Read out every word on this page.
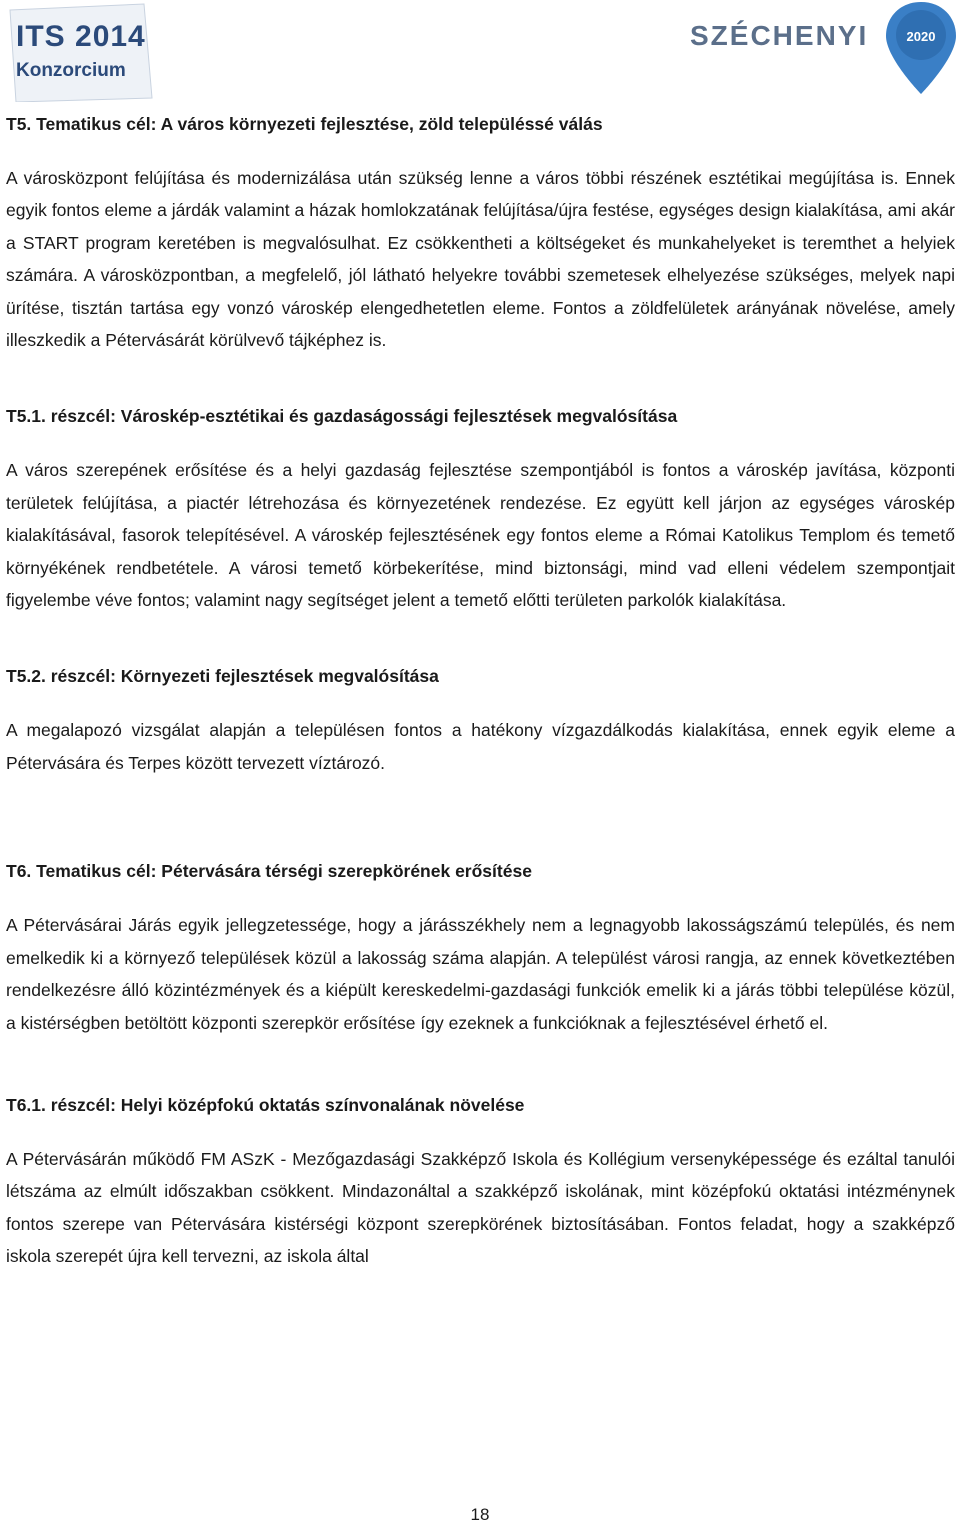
ITS 2014
Konzorcium
SZÉCHENYI	2020
T5. Tematikus cél: A város környezeti fejlesztése, zöld településsé válás

A városközpont felújítása és modernizálása után szükség lenne a város többi részének esztétikai megújítása is. Ennek egyik fontos eleme a járdák valamint a házak homlokzatának felújítása/újra festése, egységes design kialakítása, ami akár a START program keretében is megvalósulhat. Ez csökkentheti a költségeket és munkahelyeket is teremthet a helyiek számára. A városközpontban, a megfelelő, jól látható helyekre további szemetesek elhelyezése szükséges, melyek napi ürítése, tisztán tartása egy vonzó városkép elengedhetetlen eleme. Fontos a zöldfelületek arányának növelése, amely illeszkedik a Pétervásárát körülvevő tájképhez is.

T5.1. részcél: Városkép-esztétikai és gazdaságossági fejlesztések megvalósítása

A város szerepének erősítése és a helyi gazdaság fejlesztése szempontjából is fontos a városkép javítása, központi területek felújítása, a piactér létrehozása és környezetének rendezése. Ez együtt kell járjon az egységes városkép kialakításával, fasorok telepítésével. A városkép fejlesztésének egy fontos eleme a Római Katolikus Templom és temető környékének rendbetétele. A városi temető körbekerítése, mind biztonsági, mind vad elleni védelem szempontjait figyelembe véve fontos; valamint nagy segítséget jelent a temető előtti területen parkolók kialakítása.

T5.2. részcél: Környezeti fejlesztések megvalósítása

A megalapozó vizsgálat alapján a településen fontos a hatékony vízgazdálkodás kialakítása, ennek egyik eleme a Pétervására és Terpes között tervezett víztározó.

T6. Tematikus cél: Pétervására térségi szerepkörének erősítése

A Pétervásárai Járás egyik jellegzetessége, hogy a járásszékhely nem a legnagyobb lakosságszámú település, és nem emelkedik ki a környező települések közül a lakosság száma alapján. A települést városi rangja, az ennek következtében rendelkezésre álló közintézmények és a kiépült kereskedelmi-gazdasági funkciók emelik ki a járás többi települése közül, a kistérségben betöltött központi szerepkör erősítése így ezeknek a funkcióknak a fejlesztésével érhető el.

T6.1. részcél: Helyi középfokú oktatás színvonalának növelése

A Pétervásárán működő FM ASzK - Mezőgazdasági Szakképző Iskola és Kollégium versenyképessége és ezáltal tanulói létszáma az elmúlt időszakban csökkent. Mindazonáltal a szakképző iskolának, mint középfokú oktatási intézménynek fontos szerepe van Pétervására kistérségi központ szerepkörének biztosításában. Fontos feladat, hogy a szakképző iskola szerepét újra kell tervezni, az iskola által

18
